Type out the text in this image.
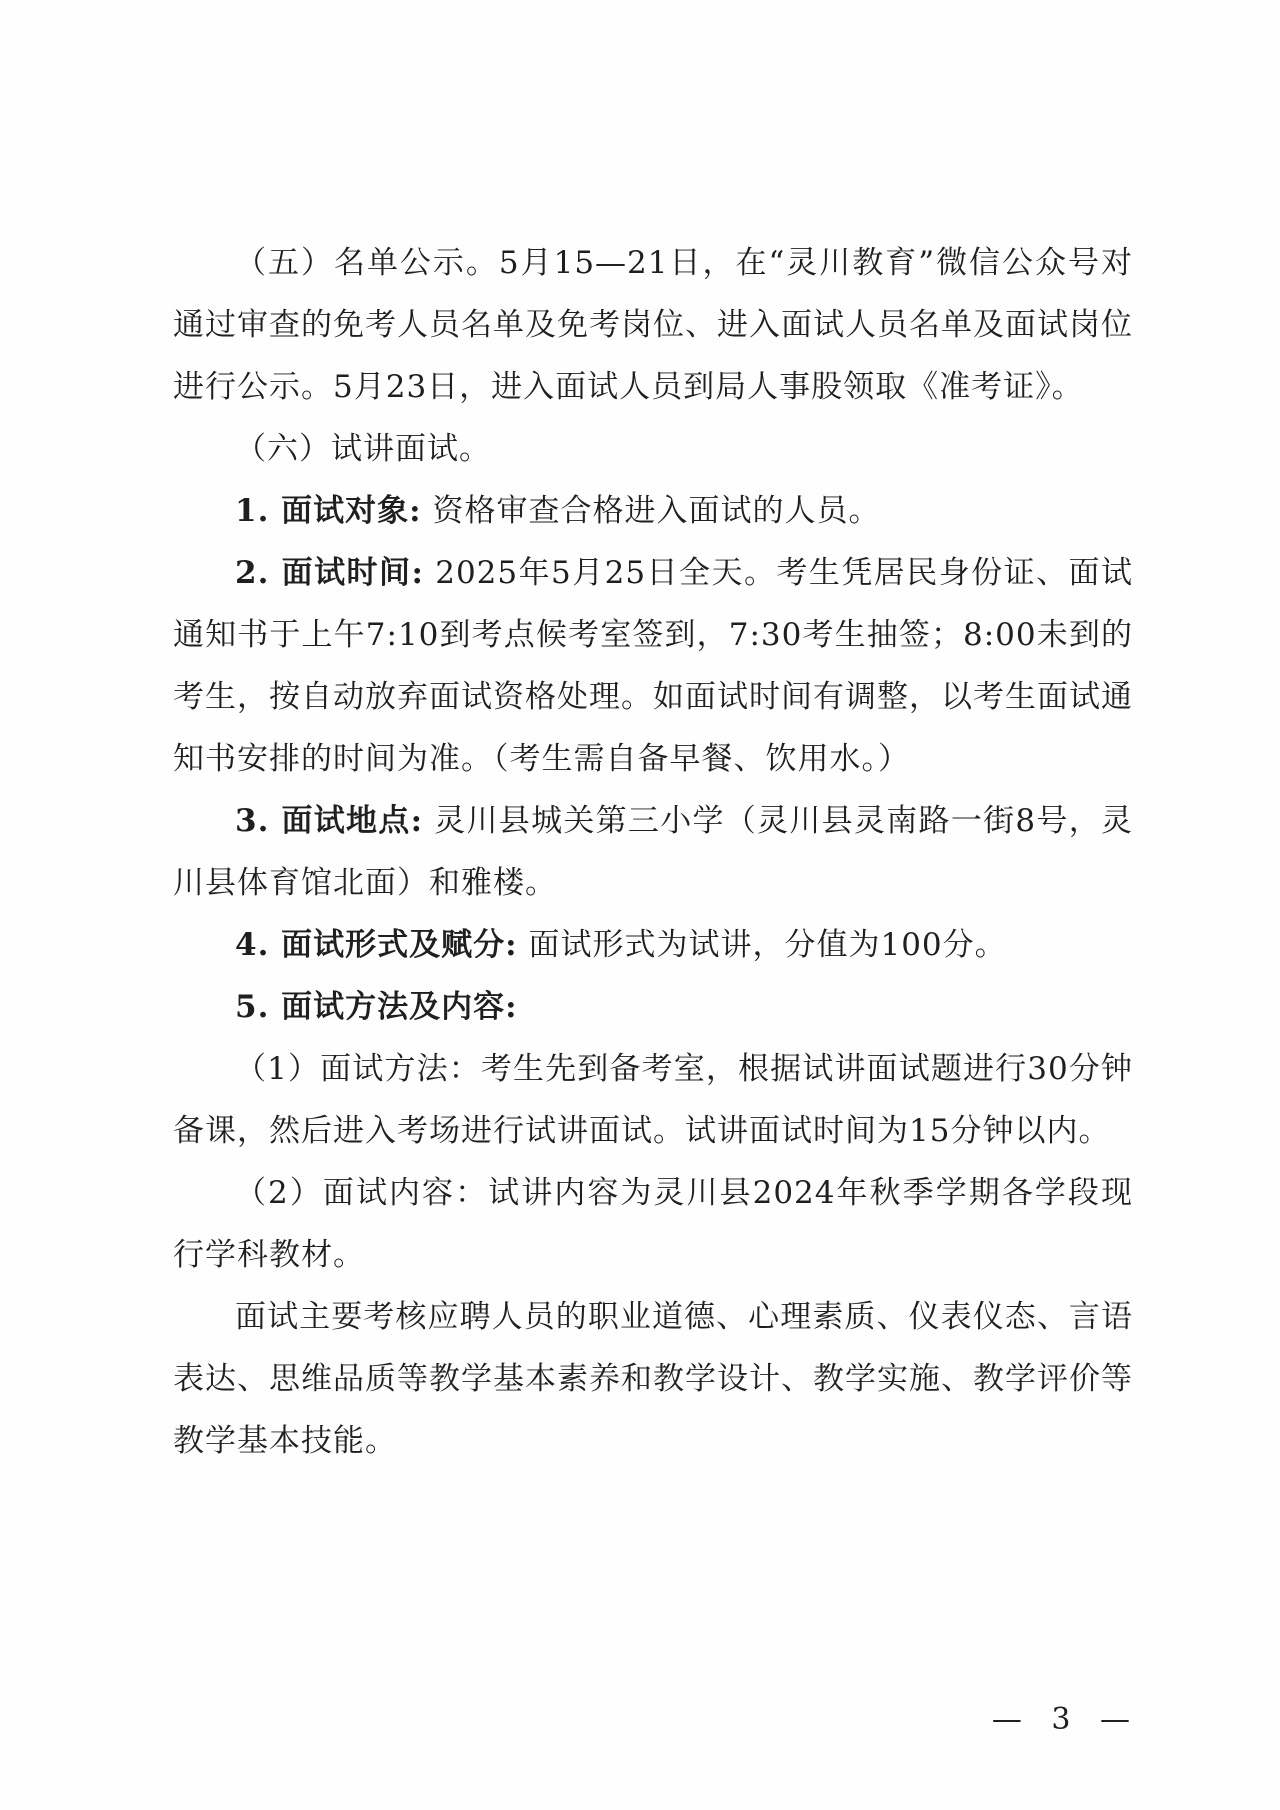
（五）名单公示。5月15—21日，在“灵川教育”微信公众号对通过审查的免考人员名单及免考岗位、进入面试人员名单及面试岗位进行公示。5月23日，进入面试人员到局人事股领取《准考证》。

（六）试讲面试。

1. 面试对象: 资格审查合格进入面试的人员。

2. 面试时间: 2025年5月25日全天。考生凭居民身份证、面试通知书于上午7:10到考点候考室签到，7:30考生抽签；8:00未到的考生，按自动放弃面试资格处理。如面试时间有调整，以考生面试通知书安排的时间为准。（考生需自备早餐、饮用水。）

3. 面试地点: 灵川县城关第三小学（灵川县灵南路一街8号，灵川县体育馆北面）和雅楼。

4. 面试形式及赋分: 面试形式为试讲，分值为100分。

5. 面试方法及内容:

（1）面试方法：考生先到备考室，根据试讲面试题进行30分钟备课，然后进入考场进行试讲面试。试讲面试时间为15分钟以内。

（2）面试内容：试讲内容为灵川县2024年秋季学期各学段现行学科教材。

面试主要考核应聘人员的职业道德、心理素质、仪表仪态、言语表达、思维品质等教学基本素养和教学设计、教学实施、教学评价等教学基本技能。

— 3 —
